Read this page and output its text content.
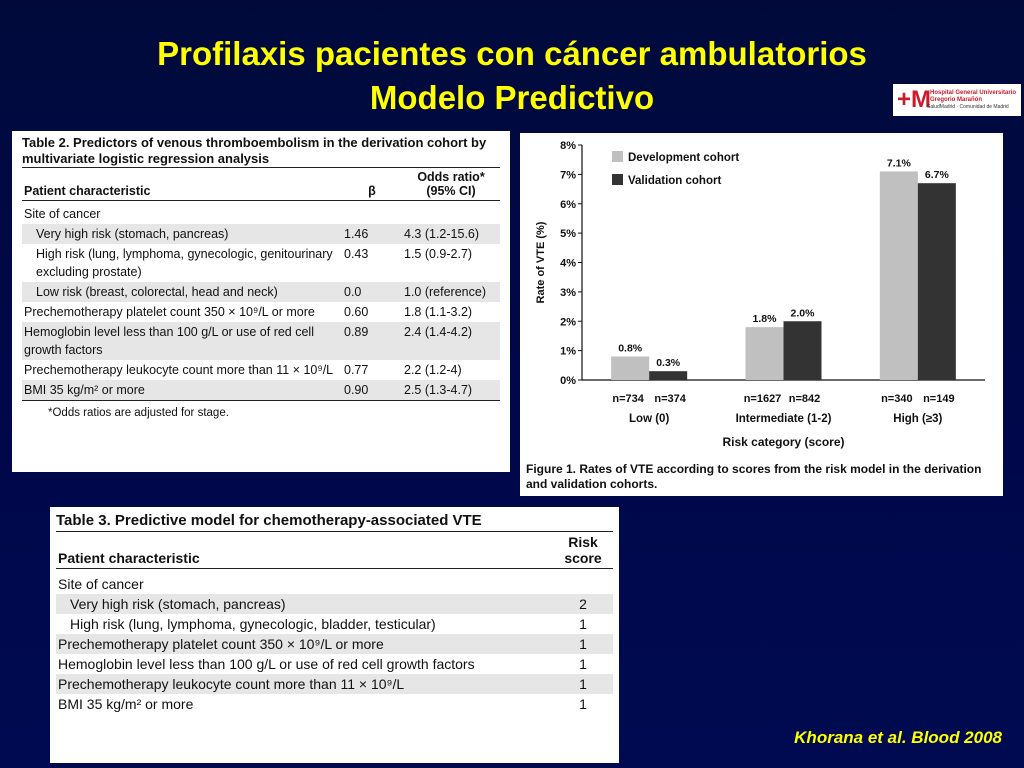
Profilaxis pacientes con cáncer ambulatorios
Modelo Predictivo	+M
Hospital General Universitario
Gregorio Marañón
SaludMadrid · Comunidad de Madrid
Table 2. Predictors of venous thromboembolism in the derivation cohort by multivariate logistic regression analysis
Patient characteristic	β	Odds ratio* (95% CI)
Site of cancer		
Very high risk (stomach, pancreas)	1.46	4.3 (1.2-15.6)
High risk (lung, lymphoma, gynecologic, genitourinary excluding prostate)	0.43	1.5 (0.9-2.7)
Low risk (breast, colorectal, head and neck)	0.0	1.0 (reference)
Prechemotherapy platelet count 350 × 10⁹/L or more	0.60	1.8 (1.1-3.2)
Hemoglobin level less than 100 g/L or use of red cell growth factors	0.89	2.4 (1.4-4.2)
Prechemotherapy leukocyte count more than 11 × 10⁹/L	0.77	2.2 (1.2-4)
BMI 35 kg/m² or more	0.90	2.5 (1.3-4.7)
*Odds ratios are adjusted for stage.
0%
1%
2%
3%
4%
5%
6%
7%
8%
Rate of VTE (%)
0.8%
n=734
0.3%
n=374
Low (0)
1.8%
n=1627
2.0%
n=842
Intermediate (1-2)
7.1%
n=340
6.7%
n=149
High (≥3)
Risk category (score)
Development cohort
Validation cohort
Figure 1. Rates of VTE according to scores from the risk model in the derivation and validation cohorts.
Table 3. Predictive model for chemotherapy-associated VTE
Patient characteristic	Risk score
Site of cancer	
Very high risk (stomach, pancreas)	2
High risk (lung, lymphoma, gynecologic, bladder, testicular)	1
Prechemotherapy platelet count 350 × 10⁹/L or more	1
Hemoglobin level less than 100 g/L or use of red cell growth factors	1
Prechemotherapy leukocyte count more than 11 × 10⁹/L	1
BMI 35 kg/m² or more	1
Khorana et al. Blood 2008
